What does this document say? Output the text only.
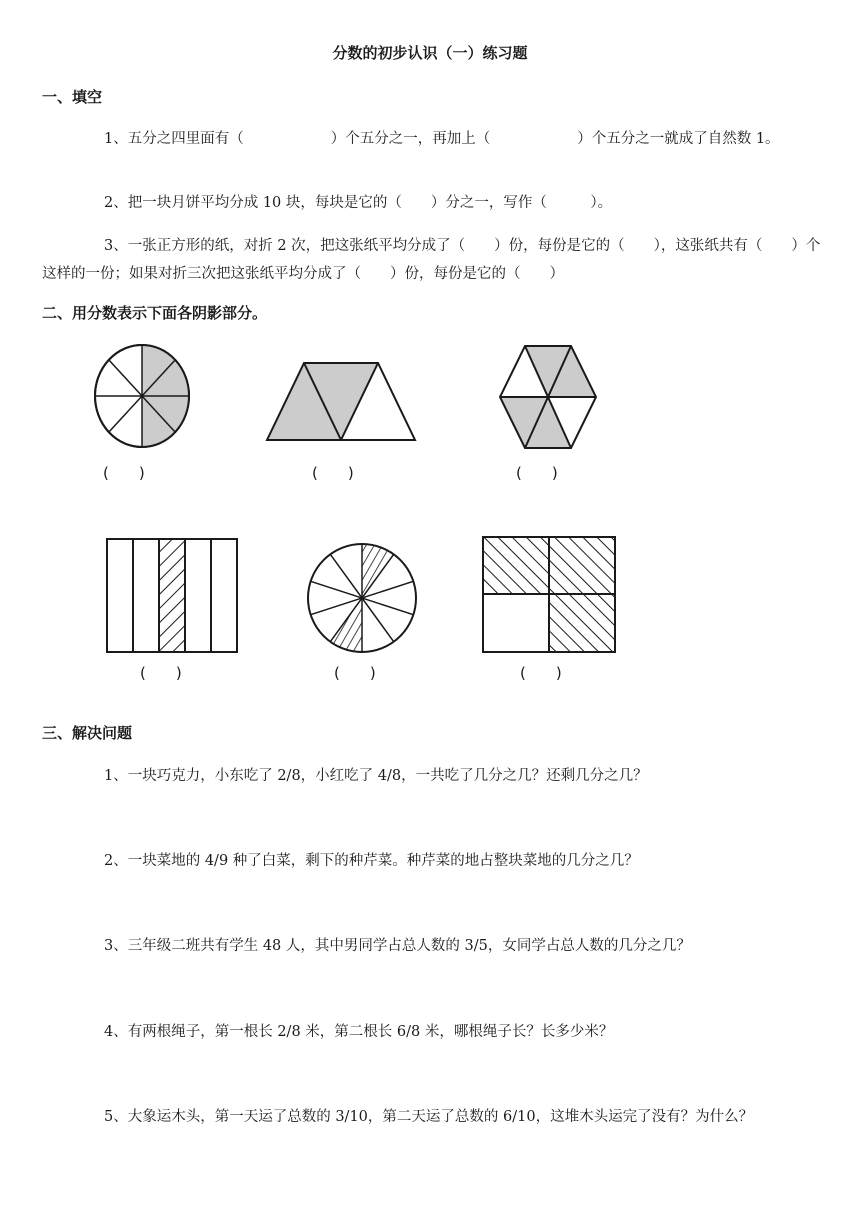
分数的初步认识（一）练习题
一、填空
1、五分之四里面有（　　　　　　）个五分之一，再加上（　　　　　　）个五分之一就成了自然数 1。
2、把一块月饼平均分成 10 块，每块是它的（　　）分之一，写作（　　　）。
3、一张正方形的纸，对折 2 次，把这张纸平均分成了（　　）份，每份是它的（　　），这张纸共有（　　）个这样的一份；如果对折三次把这张纸平均分成了（　　）份，每份是它的（　　）
二、用分数表示下面各阴影部分。
(　　)	(　　)	(　　)
(　　)	(　　)	(　　)
三、解决问题
1、一块巧克力，小东吃了 2/8，小红吃了 4/8，一共吃了几分之几？还剩几分之几？
2、一块菜地的 4/9 种了白菜，剩下的种芹菜。种芹菜的地占整块菜地的几分之几？
3、三年级二班共有学生 48 人，其中男同学占总人数的 3/5，女同学占总人数的几分之几？
4、有两根绳子，第一根长 2/8 米，第二根长 6/8 米，哪根绳子长？长多少米？
5、大象运木头，第一天运了总数的 3/10，第二天运了总数的 6/10，这堆木头运完了没有？为什么？
